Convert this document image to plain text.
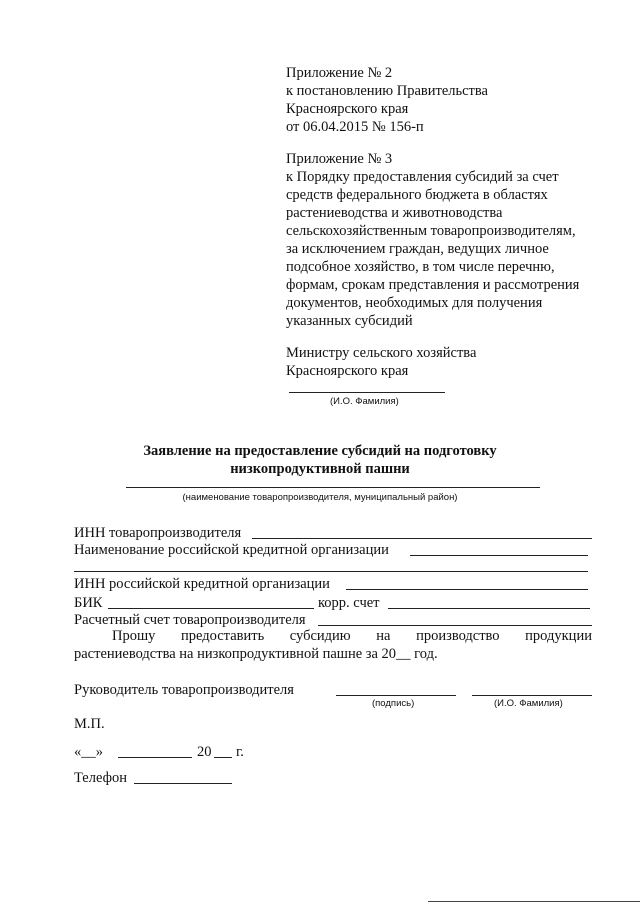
Приложение № 2
к постановлению Правительства
Красноярского края
от 06.04.2015 № 156-п
Приложение № 3
к Порядку предоставления субсидий за счет
средств федерального бюджета в областях
растениеводства и животноводства
сельскохозяйственным товаропроизводителям,
за исключением граждан, ведущих личное
подсобное хозяйство, в том числе перечню,
формам, срокам представления и рассмотрения
документов, необходимых для получения
указанных субсидий
Министру сельского хозяйства
Красноярского края
(И.О. Фамилия)
Заявление на предоставление субсидий на подготовку
низкопродуктивной пашни
(наименование товаропроизводителя, муниципальный район)
ИНН товаропроизводителя
Наименование российской кредитной организации
ИНН российской кредитной организации
БИК	корр. счет
Расчетный счет товаропроизводителя
Прошу предоставить субсидию на производство продукции
растениеводства на низкопродуктивной пашне за 20__ год.
Руководитель товаропроизводителя
(подпись)	(И.О. Фамилия)
М.П.
«__»	20 г.
Телефон
